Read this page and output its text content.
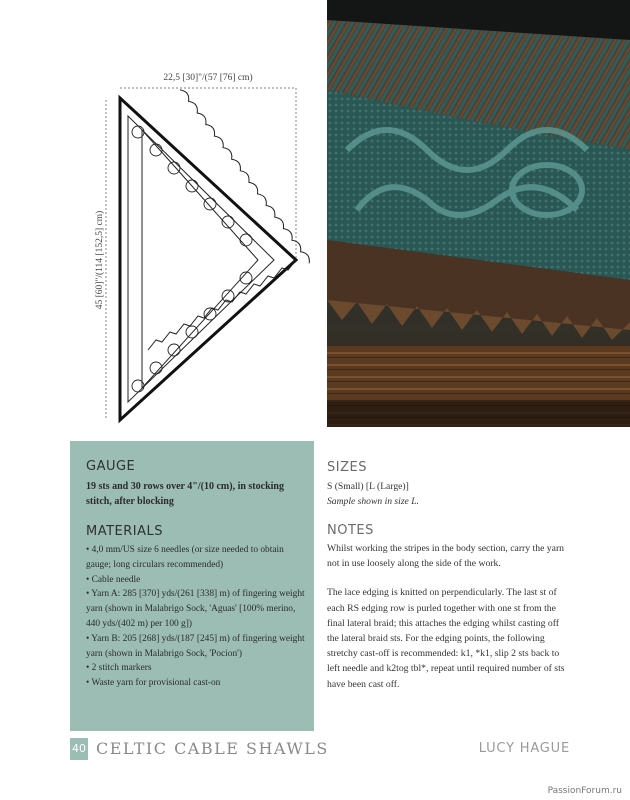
22,5 [30]"/(57 [76] cm)
45 [60]"/(114 [152,5] cm)
GAUGE
19 sts and 30 rows over 4"/(10 cm), in stocking stitch, after blocking
MATERIALS
• 4,0 mm/US size 6 needles (or size needed to obtain gauge; long circulars recommended)
• Cable needle
• Yarn A: 285 [370] yds/(261 [338] m) of fingering weight yarn (shown in Malabrigo Sock, 'Aguas' [100% merino, 440 yds/(402 m) per 100 g])
• Yarn B: 205 [268] yds/(187 [245] m) of fingering weight yarn (shown in Malabrigo Sock, 'Pocion')
• 2 stitch markers
• Waste yarn for provisional cast-on
SIZES

S (Small) [L (Large)]

Sample shown in size L.

NOTES

Whilst working the stripes in the body section, carry the yarn not in use loosely along the side of the work.

The lace edging is knitted on perpendicularly. The last st of each RS edging row is purled together with one st from the final lateral braid; this attaches the edging whilst casting off the lateral braid sts. For the edging points, the following stretchy cast-off is recommended: k1, *k1, slip 2 sts back to left needle and k2tog tbl*, repeat until required number of sts have been cast off.

40 CELTIC CABLE SHAWLS	LUCY HAGUE
PassionForum.ru
